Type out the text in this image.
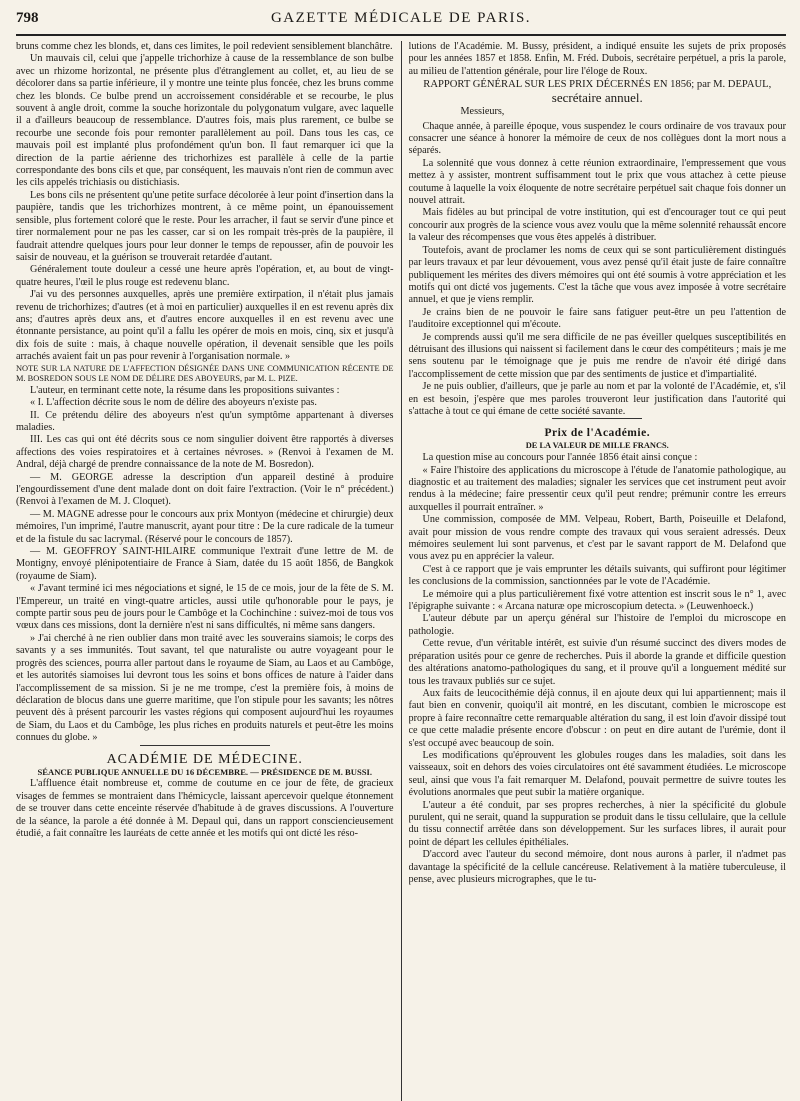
798	GAZETTE MÉDICALE DE PARIS.

bruns comme chez les blonds, et, dans ces limites, le poil redevient sensiblement blanchâtre.

Un mauvais cil, celui que j'appelle trichorhize à cause de la ressemblance de son bulbe avec un rhizome horizontal, ne présente plus d'étranglement au collet, et, au lieu de se décolorer dans sa partie inférieure, il y montre une teinte plus foncée, chez les bruns comme chez les blonds. Ce bulbe prend un accroissement considérable et se recourbe, le plus souvent à angle droit, comme la souche horizontale du polygonatum vulgare, avec laquelle il a d'ailleurs beaucoup de ressemblance. D'autres fois, mais plus rarement, ce bulbe se recourbe une seconde fois pour remonter parallèlement au poil. Dans tous les cas, ce mauvais poil est implanté plus profondément qu'un bon. Il faut remarquer ici que la direction de la partie aérienne des trichorhizes est parallèle à celle de la partie correspondante des bons cils et que, par conséquent, les mauvais n'ont rien de commun avec les cils appelés trichiasis ou distichiasis.

Les bons cils ne présentent qu'une petite surface décolorée à leur point d'insertion dans la paupière, tandis que les trichorhizes montrent, à ce même point, un épanouissement sensible, plus fortement coloré que le reste. Pour les arracher, il faut se servir d'une pince et tirer normalement pour ne pas les casser, car si on les rompait très-près de la paupière, il faudrait attendre quelques jours pour leur donner le temps de repousser, afin de pouvoir les saisir de nouveau, et la guérison se trouverait retardée d'autant.

Généralement toute douleur a cessé une heure après l'opération, et, au bout de vingt-quatre heures, l'œil le plus rouge est redevenu blanc.

J'ai vu des personnes auxquelles, après une première extirpation, il n'était plus jamais revenu de trichorhizes; d'autres (et à moi en particulier) auxquelles il en est revenu après dix ans; d'autres après deux ans, et d'autres encore auxquelles il en est revenu avec une étonnante persistance, au point qu'il a fallu les opérer de mois en mois, cinq, six et jusqu'à dix fois de suite : mais, à chaque nouvelle opération, il devenait sensible que les poils arrachés avaient fait un pas pour revenir à l'organisation normale. »

NOTE SUR LA NATURE DE L'AFFECTION DÉSIGNÉE DANS UNE COMMUNICATION RÉCENTE DE M. BOSREDON SOUS LE NOM DE DÉLIRE DES ABOYEURS, par M. L. PIZE.

L'auteur, en terminant cette note, la résume dans les propositions suivantes :

« I. L'affection décrite sous le nom de délire des aboyeurs n'existe pas.

II. Ce prétendu délire des aboyeurs n'est qu'un symptôme appartenant à diverses maladies.

III. Les cas qui ont été décrits sous ce nom singulier doivent être rapportés à diverses affections des voies respiratoires et à certaines névroses. » (Renvoi à l'examen de M. Andral, déjà chargé de prendre connaissance de la note de M. Bosredon).

— M. GEORGE adresse la description d'un appareil destiné à produire l'engourdissement d'une dent malade dont on doit faire l'extraction. (Voir le n° précédent.) (Renvoi à l'examen de M. J. Cloquet).

— M. MAGNE adresse pour le concours aux prix Montyon (médecine et chirurgie) deux mémoires, l'un imprimé, l'autre manuscrit, ayant pour titre : De la cure radicale de la tumeur et de la fistule du sac lacrymal. (Réservé pour le concours de 1857).

— M. GEOFFROY SAINT-HILAIRE communique l'extrait d'une lettre de M. de Montigny, envoyé plénipotentiaire de France à Siam, datée du 15 août 1856, de Bangkok (royaume de Siam).

« J'avant terminé ici mes négociations et signé, le 15 de ce mois, jour de la fête de S. M. l'Empereur, un traité en vingt-quatre articles, aussi utile qu'honorable pour le pays, je compte partir sous peu de jours pour le Cambôge et la Cochinchine : suivez-moi de tous vos vœux dans ces missions, dont la dernière n'est ni sans difficultés, ni même sans dangers.

» J'ai cherché à ne rien oublier dans mon traité avec les souverains siamois; le corps des savants y a ses immunités. Tout savant, tel que naturaliste ou autre voyageant pour le progrès des sciences, pourra aller partout dans le royaume de Siam, au Laos et au Cambôge, et les autorités siamoises lui devront tous les soins et bons offices de nature à l'aider dans l'accomplissement de sa mission. Si je ne me trompe, c'est la première fois, à moins de déclaration de blocus dans une guerre maritime, que l'on stipule pour les savants; les nôtres peuvent dès à présent parcourir les vastes régions qui composent aujourd'hui les royaumes de Siam, du Laos et du Cambôge, les plus riches en produits naturels et peut-être les moins connues du globe. »

ACADÉMIE DE MÉDECINE.

SÉANCE PUBLIQUE ANNUELLE DU 16 DÉCEMBRE. — PRÉSIDENCE DE M. BUSSI.

L'affluence était nombreuse et, comme de coutume en ce jour de fête, de gracieux visages de femmes se montraient dans l'hémicycle, laissant apercevoir quelque étonnement de se trouver dans cette enceinte réservée d'habitude à de graves discussions. A l'ouverture de la séance, la parole a été donnée à M. Depaul qui, dans un rapport consciencieusement étudié, a fait connaître les lauréats de cette année et les motifs qui ont dicté les réso-

lutions de l'Académie. M. Bussy, président, a indiqué ensuite les sujets de prix proposés pour les années 1857 et 1858. Enfin, M. Fréd. Dubois, secrétaire perpétuel, a pris la parole, au milieu de l'attention générale, pour lire l'éloge de Roux.

RAPPORT GÉNÉRAL SUR LES PRIX DÉCERNÉS EN 1856; par M. DEPAUL,
secrétaire annuel.

Messieurs,

Chaque année, à pareille époque, vous suspendez le cours ordinaire de vos travaux pour consacrer une séance à honorer la mémoire de ceux de nos collègues dont la mort nous a séparés.

La solennité que vous donnez à cette réunion extraordinaire, l'empressement que vous mettez à y assister, montrent suffisamment tout le prix que vous attachez à cette pieuse coutume à laquelle la voix éloquente de notre secrétaire perpétuel sait chaque fois donner un nouvel attrait.

Mais fidèles au but principal de votre institution, qui est d'encourager tout ce qui peut concourir aux progrès de la science vous avez voulu que la même solennité rehaussât encore la valeur des récompenses que vous êtes appelés à distribuer.

Toutefois, avant de proclamer les noms de ceux qui se sont particulièrement distingués par leurs travaux et par leur dévouement, vous avez pensé qu'il était juste de faire connaître publiquement les mérites des divers mémoires qui ont été soumis à votre appréciation et les motifs qui ont dicté vos jugements. C'est la tâche que vous avez imposée à votre secrétaire annuel, et que je viens remplir.

Je crains bien de ne pouvoir le faire sans fatiguer peut-être un peu l'attention de l'auditoire exceptionnel qui m'écoute.

Je comprends aussi qu'il me sera difficile de ne pas éveiller quelques susceptibilités en détruisant des illusions qui naissent si facilement dans le cœur des compétiteurs ; mais je me sens soutenu par le témoignage que je puis me rendre de n'avoir été dirigé dans l'accomplissement de cette mission que par des sentiments de justice et d'impartialité.

Je ne puis oublier, d'ailleurs, que je parle au nom et par la volonté de l'Académie, et, s'il en est besoin, j'espère que mes paroles trouveront leur justification dans l'autorité qui s'attache à tout ce qui émane de cette société savante.

Prix de l'Académie.

DE LA VALEUR DE MILLE FRANCS.

La question mise au concours pour l'année 1856 était ainsi conçue :

« Faire l'histoire des applications du microscope à l'étude de l'anatomie pathologique, au diagnostic et au traitement des maladies; signaler les services que cet instrument peut avoir rendus à la médecine; faire pressentir ceux qu'il peut rendre; prémunir contre les erreurs auxquelles il pourrait entraîner. »

Une commission, composée de MM. Velpeau, Robert, Barth, Poiseuille et Delafond, avait pour mission de vous rendre compte des travaux qui vous seraient adressés. Deux mémoires seulement lui sont parvenus, et c'est par le savant rapport de M. Delafond que vous avez pu en apprécier la valeur.

C'est à ce rapport que je vais emprunter les détails suivants, qui suffiront pour légitimer les conclusions de la commission, sanctionnées par le vote de l'Académie.

Le mémoire qui a plus particulièrement fixé votre attention est inscrit sous le n° 1, avec l'épigraphe suivante : « Arcana naturæ ope microscopium detecta. » (Leuwenhoeck.)

L'auteur débute par un aperçu général sur l'histoire de l'emploi du microscope en pathologie.

Cette revue, d'un véritable intérêt, est suivie d'un résumé succinct des divers modes de préparation usités pour ce genre de recherches. Puis il aborde la grande et difficile question des altérations anatomo-pathologiques du sang, et il prouve qu'il a longuement médité sur tous les travaux publiés sur ce sujet.

Aux faits de leucocithémie déjà connus, il en ajoute deux qui lui appartiennent; mais il faut bien en convenir, quoiqu'il ait montré, en les discutant, combien le microscope est propre à faire reconnaître cette remarquable altération du sang, il est loin d'avoir dissipé tout ce que cette maladie présente encore d'obscur : on peut en dire autant de l'urémie, dont il s'est occupé avec beaucoup de soin.

Les modifications qu'éprouvent les globules rouges dans les maladies, soit dans les vaisseaux, soit en dehors des voies circulatoires ont été savamment étudiées. Le microscope seul, ainsi que vous l'a fait remarquer M. Delafond, pouvait permettre de suivre toutes les évolutions anormales que peut subir la matière organique.

L'auteur a été conduit, par ses propres recherches, à nier la spécificité du globule purulent, qui ne serait, quand la suppuration se produit dans le tissu cellulaire, que la cellule du tissu connectif arrêtée dans son développement. Sur les surfaces libres, il aurait pour point de départ les cellules épithéliales.

D'accord avec l'auteur du second mémoire, dont nous aurons à parler, il n'admet pas davantage la spécificité de la cellule cancéreuse. Relativement à la matière tuberculeuse, il pense, avec plusieurs micrographes, que le tu-
